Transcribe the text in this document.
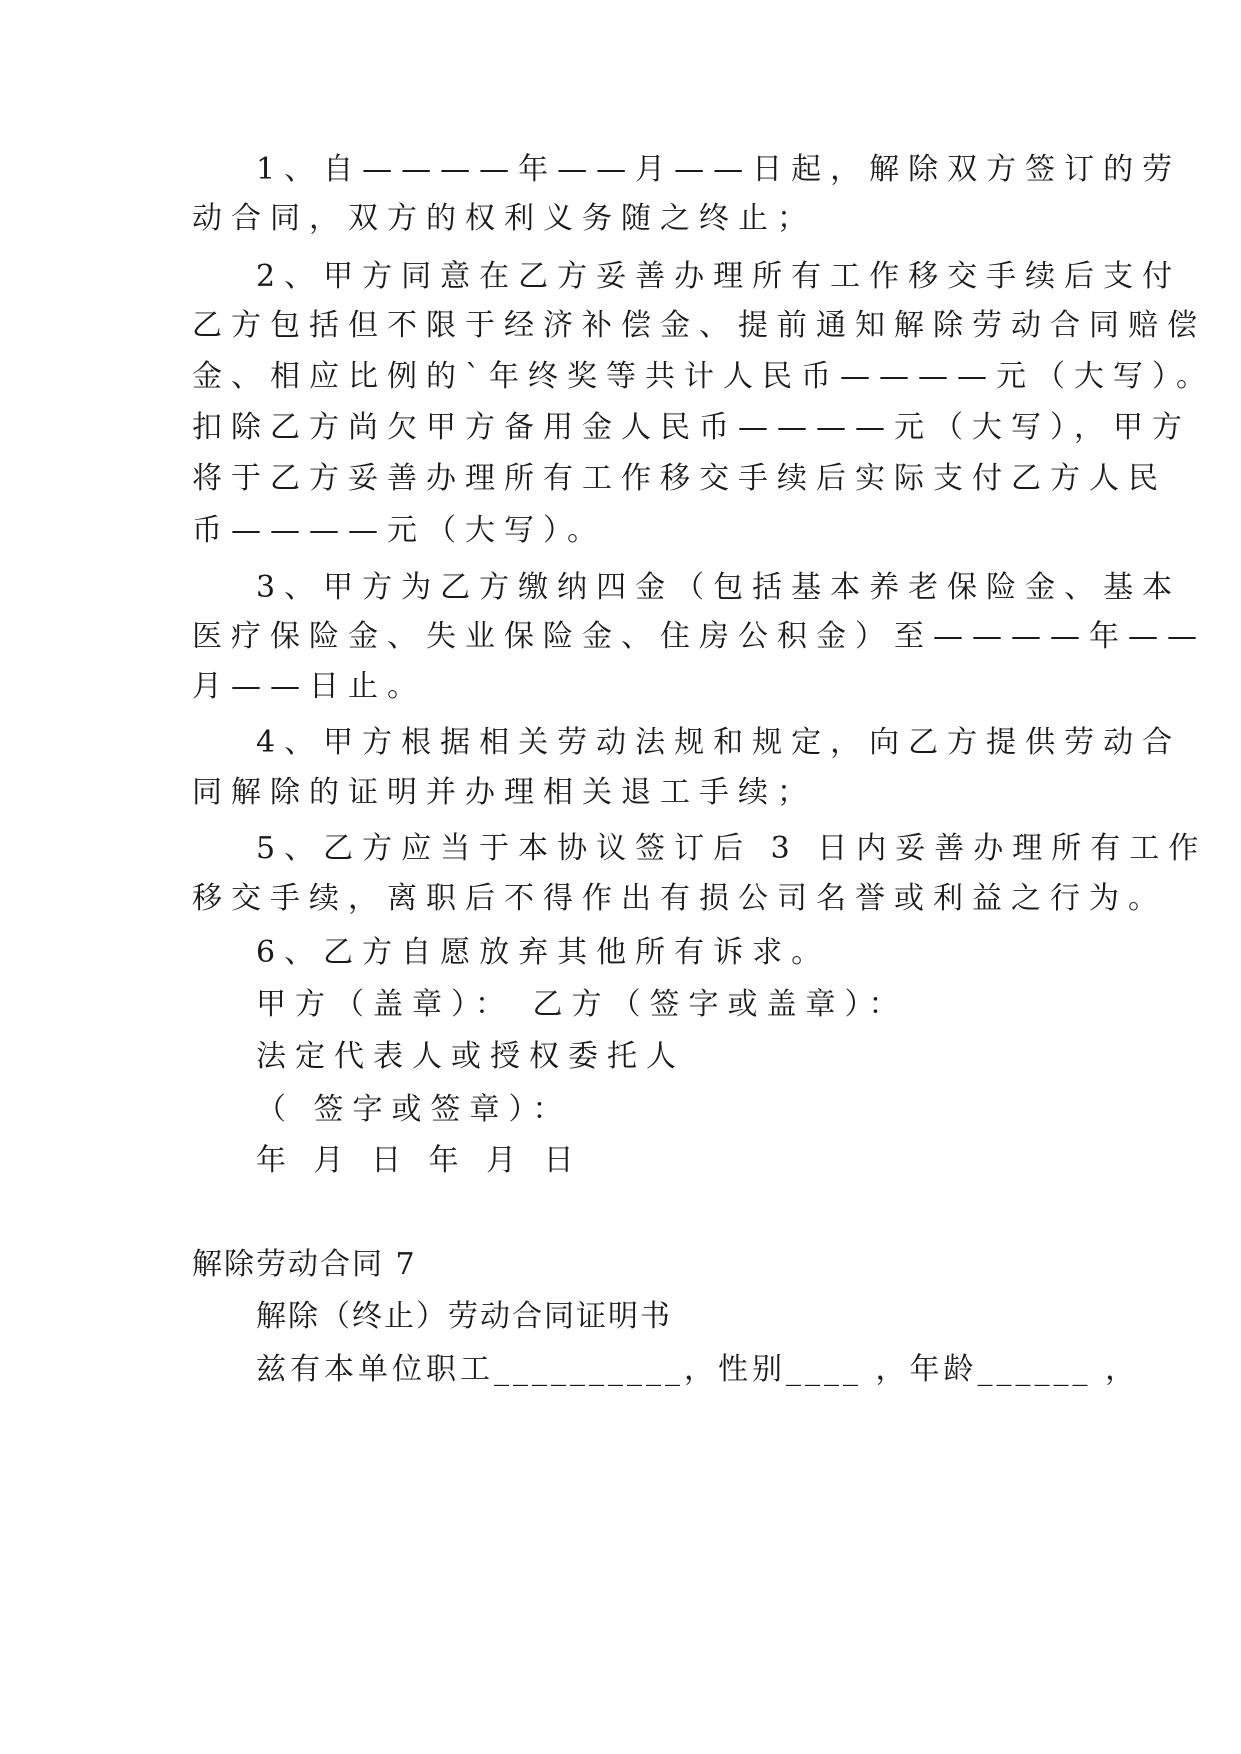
1、自————年——月——日起，解除双方签订的劳

动合同，双方的权利义务随之终止；

2、甲方同意在乙方妥善办理所有工作移交手续后支付

乙方包括但不限于经济补偿金、提前通知解除劳动合同赔偿

金、相应比例的`年终奖等共计人民币————元（大写）。

扣除乙方尚欠甲方备用金人民币————元（大写），甲方

将于乙方妥善办理所有工作移交手续后实际支付乙方人民

币————元（大写）。

3、甲方为乙方缴纳四金（包括基本养老保险金、基本

医疗保险金、失业保险金、住房公积金）至————年——

月——日止。

4、甲方根据相关劳动法规和规定，向乙方提供劳动合

同解除的证明并办理相关退工手续；

5、乙方应当于本协议签订后 3 日内妥善办理所有工作

移交手续，离职后不得作出有损公司名誉或利益之行为。

6、乙方自愿放弃其他所有诉求。

甲方（盖章）： 乙方（签字或盖章）：

法定代表人或授权委托人

（ 签字或签章）：

年 月 日 年 月 日

解除劳动合同 7

解除（终止）劳动合同证明书

兹有本单位职工__________，性别____ ，年龄______ ，
